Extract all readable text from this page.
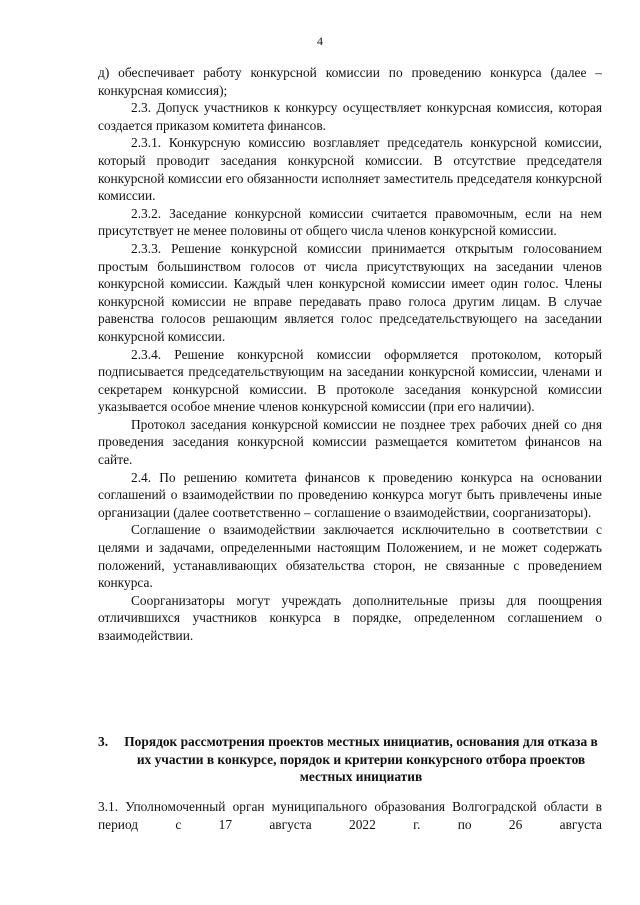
4

д) обеспечивает работу конкурсной комиссии по проведению конкурса (далее – конкурсная комиссия);

2.3. Допуск участников к конкурсу осуществляет конкурсная комиссия, которая создается приказом комитета финансов.

2.3.1. Конкурсную комиссию возглавляет председатель конкурсной комиссии, который проводит заседания конкурсной комиссии. В отсутствие председателя конкурсной комиссии его обязанности исполняет заместитель председателя конкурсной комиссии.

2.3.2. Заседание конкурсной комиссии считается правомочным, если на нем присутствует не менее половины от общего числа членов конкурсной комиссии.

2.3.3. Решение конкурсной комиссии принимается открытым голосованием простым большинством голосов от числа присутствующих на заседании членов конкурсной комиссии. Каждый член конкурсной комиссии имеет один голос. Члены конкурсной комиссии не вправе передавать право голоса другим лицам. В случае равенства голосов решающим является голос председательствующего на заседании конкурсной комиссии.

2.3.4. Решение конкурсной комиссии оформляется протоколом, который подписывается председательствующим на заседании конкурсной комиссии, членами и секретарем конкурсной комиссии. В протоколе заседания конкурсной комиссии указывается особое мнение членов конкурсной комиссии (при его наличии).

Протокол заседания конкурсной комиссии не позднее трех рабочих дней со дня проведения заседания конкурсной комиссии размещается комитетом финансов на сайте.

2.4. По решению комитета финансов к проведению конкурса на основании соглашений о взаимодействии по проведению конкурса могут быть привлечены иные организации (далее соответственно – соглашение о взаимодействии, соорганизаторы).

Соглашение о взаимодействии заключается исключительно в соответствии с целями и задачами, определенными настоящим Положением, и не может содержать положений, устанавливающих обязательства сторон, не связанные с проведением конкурса.

Соорганизаторы могут учреждать дополнительные призы для поощрения отличившихся участников конкурса в порядке, определенном соглашением о взаимодействии.

3.	Порядок рассмотрения проектов местных инициатив, основания для отказа в их участии в конкурсе, порядок и критерии конкурсного отбора проектов местных инициатив
3.1. Уполномоченный орган муниципального образования Волгоградской области в период с 17 августа 2022 г. по 26 августа
